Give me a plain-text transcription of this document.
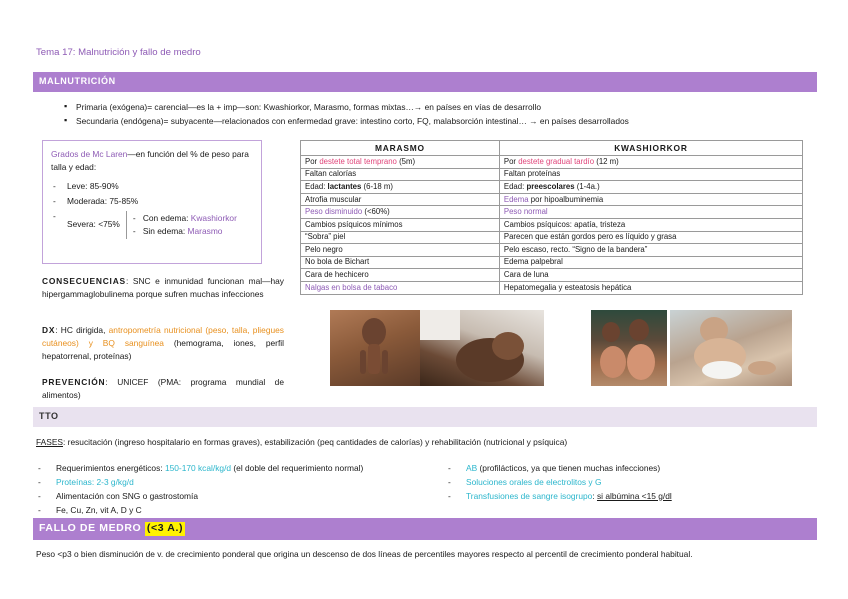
Tema 17: Malnutrición y fallo de medro
MALNUTRICIÓN
▪ Primaria (exógena)= carencial—es la + imp—son: Kwashiorkor, Marasmo, formas mixtas…→ en países en vías de desarrollo
▪ Secundaria (endógena)= subyacente—relacionados con enfermedad grave: intestino corto, FQ, malabsorción intestinal… → en países desarrollados
Grados de Mc Laren—en función del % de peso para talla y edad:
- Leve: 85-90%
- Moderada: 75-85%
- Severa: <75%
- Con edema: Kwashiorkor
- Sin edema: Marasmo
CONSECUENCIAS: SNC e inmunidad funcionan mal—hay hipergammaglobulinema porque sufren muchas infecciones
DX: HC dirigida, antropometría nutricional (peso, talla, pliegues cutáneos) y BQ sanguínea (hemograma, iones, perfil hepatorrenal, proteínas)
PREVENCIÓN: UNICEF (PMA: programa mundial de alimentos)
MARASMO	KWASHIORKOR
Por destete total temprano (5m)	Por destete gradual tardío (12 m)
Faltan calorías	Faltan proteínas
Edad: lactantes (6-18 m)	Edad: preescolares (1-4a.)
Atrofia muscular	Edema por hipoalbuminemia
Peso disminuido (<60%)	Peso normal
Cambios psíquicos mínimos	Cambios psíquicos: apatía, tristeza
“Sobra” piel	Parecen que están gordos pero es líquido y grasa
Pelo negro	Pelo escaso, recto. “Signo de la bandera”
No bola de Bichart	Edema palpebral
Cara de hechicero	Cara de luna
Nalgas en bolsa de tabaco	Hepatomegalia y esteatosis hepática
TTO
FASES: resucitación (ingreso hospitalario en formas graves), estabilización (peq cantidades de calorías) y rehabilitación (nutricional y psíquica)
- Requerimientos energéticos: 150-170 kcal/kg/d (el doble del requerimiento normal)
- Proteínas: 2-3 g/kg/d
- Alimentación con SNG o gastrostomía
- Fe, Cu, Zn, vit A, D y C
- AB (profilácticos, ya que tienen muchas infecciones)
- Soluciones orales de electrolitos y G
- Transfusiones de sangre isogrupo: si albúmina <15 g/dl
FALLO DE MEDRO
(<3 A.)
Peso <p3 o bien disminución de v. de crecimiento ponderal que origina un descenso de dos líneas de percentiles mayores respecto al percentil de crecimiento ponderal habitual.
